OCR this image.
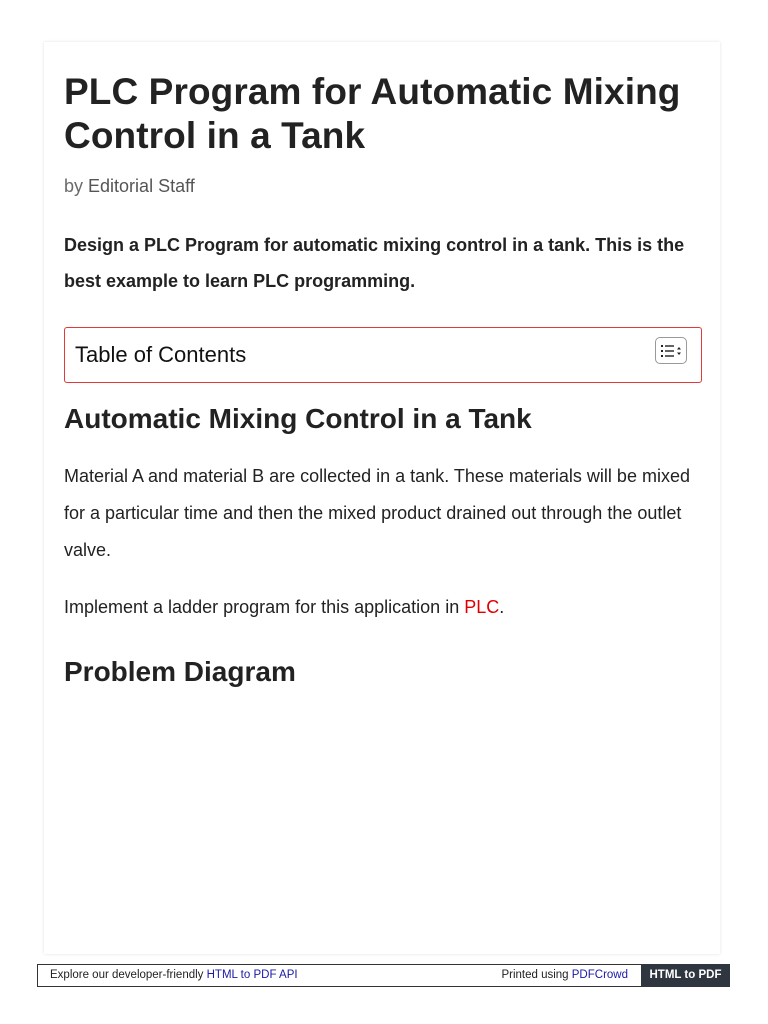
PLC Program for Automatic Mixing Control in a Tank
by Editorial Staff
Design a PLC Program for automatic mixing control in a tank. This is the best example to learn PLC programming.
Table of Contents
Automatic Mixing Control in a Tank
Material A and material B are collected in a tank. These materials will be mixed for a particular time and then the mixed product drained out through the outlet valve.
Implement a ladder program for this application in PLC.
Problem Diagram
Explore our developer-friendly HTML to PDF API	Printed using PDFCrowd	HTML to PDF
